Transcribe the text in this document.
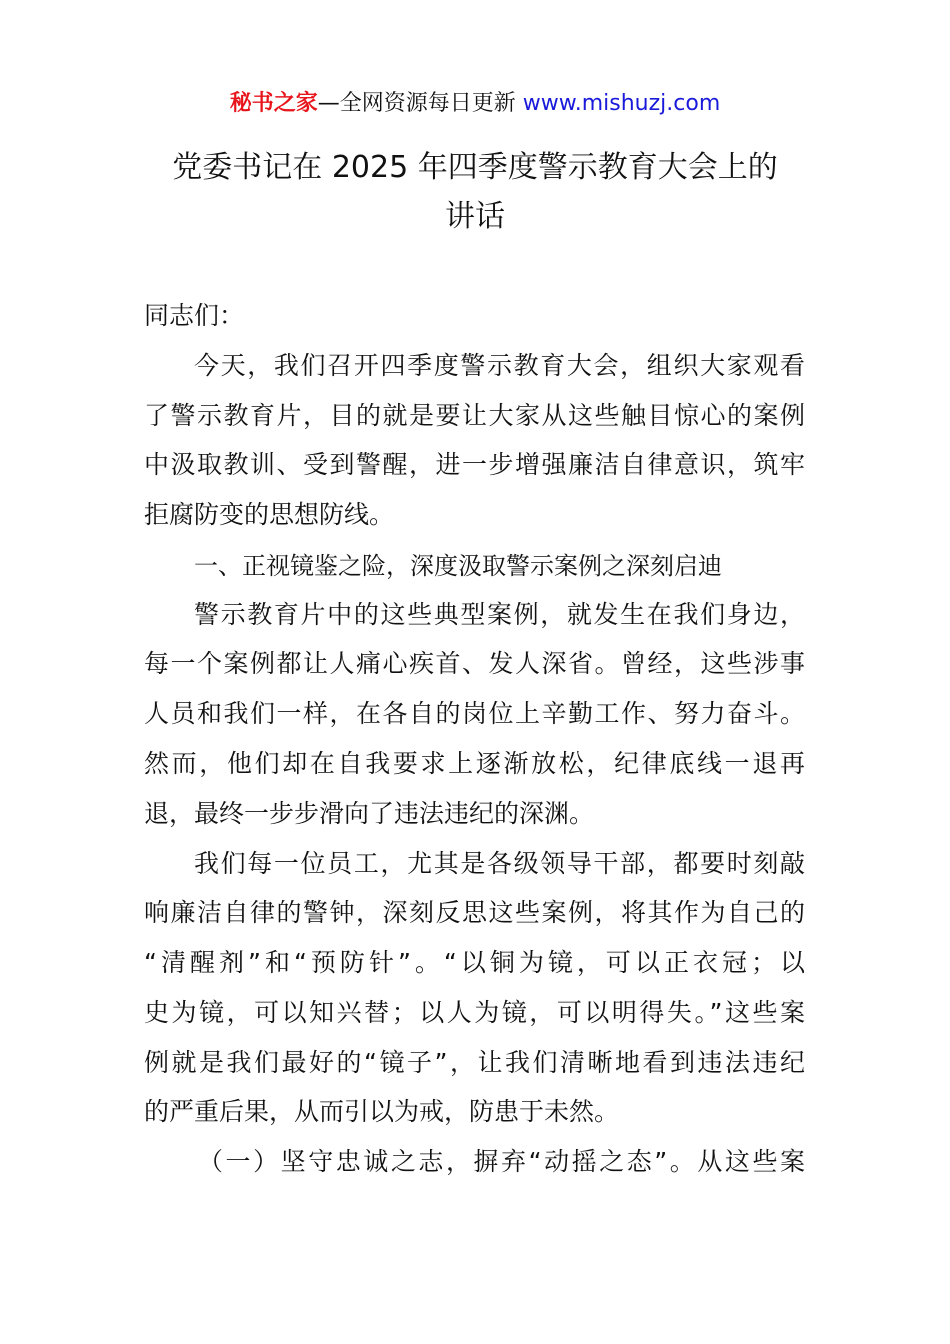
秘书之家—全网资源每日更新 www.mishuzj.com
党委书记在 2025 年四季度警示教育大会上的
讲话
同志们：
今天，我们召开四季度警示教育大会，组织大家观看
了警示教育片，目的就是要让大家从这些触目惊心的案例
中汲取教训、受到警醒，进一步增强廉洁自律意识，筑牢
拒腐防变的思想防线。
一、正视镜鉴之险，深度汲取警示案例之深刻启迪
警示教育片中的这些典型案例，就发生在我们身边，
每一个案例都让人痛心疾首、发人深省。曾经，这些涉事
人员和我们一样，在各自的岗位上辛勤工作、努力奋斗。
然而，他们却在自我要求上逐渐放松，纪律底线一退再
退，最终一步步滑向了违法违纪的深渊。
我们每一位员工，尤其是各级领导干部，都要时刻敲
响廉洁自律的警钟，深刻反思这些案例，将其作为自己的
“清醒剂”和“预防针”。“以铜为镜，可以正衣冠；以
史为镜，可以知兴替；以人为镜，可以明得失。”这些案
例就是我们最好的“镜子”，让我们清晰地看到违法违纪
的严重后果，从而引以为戒，防患于未然。
（一）坚守忠诚之志，摒弃“动摇之态”。从这些案
